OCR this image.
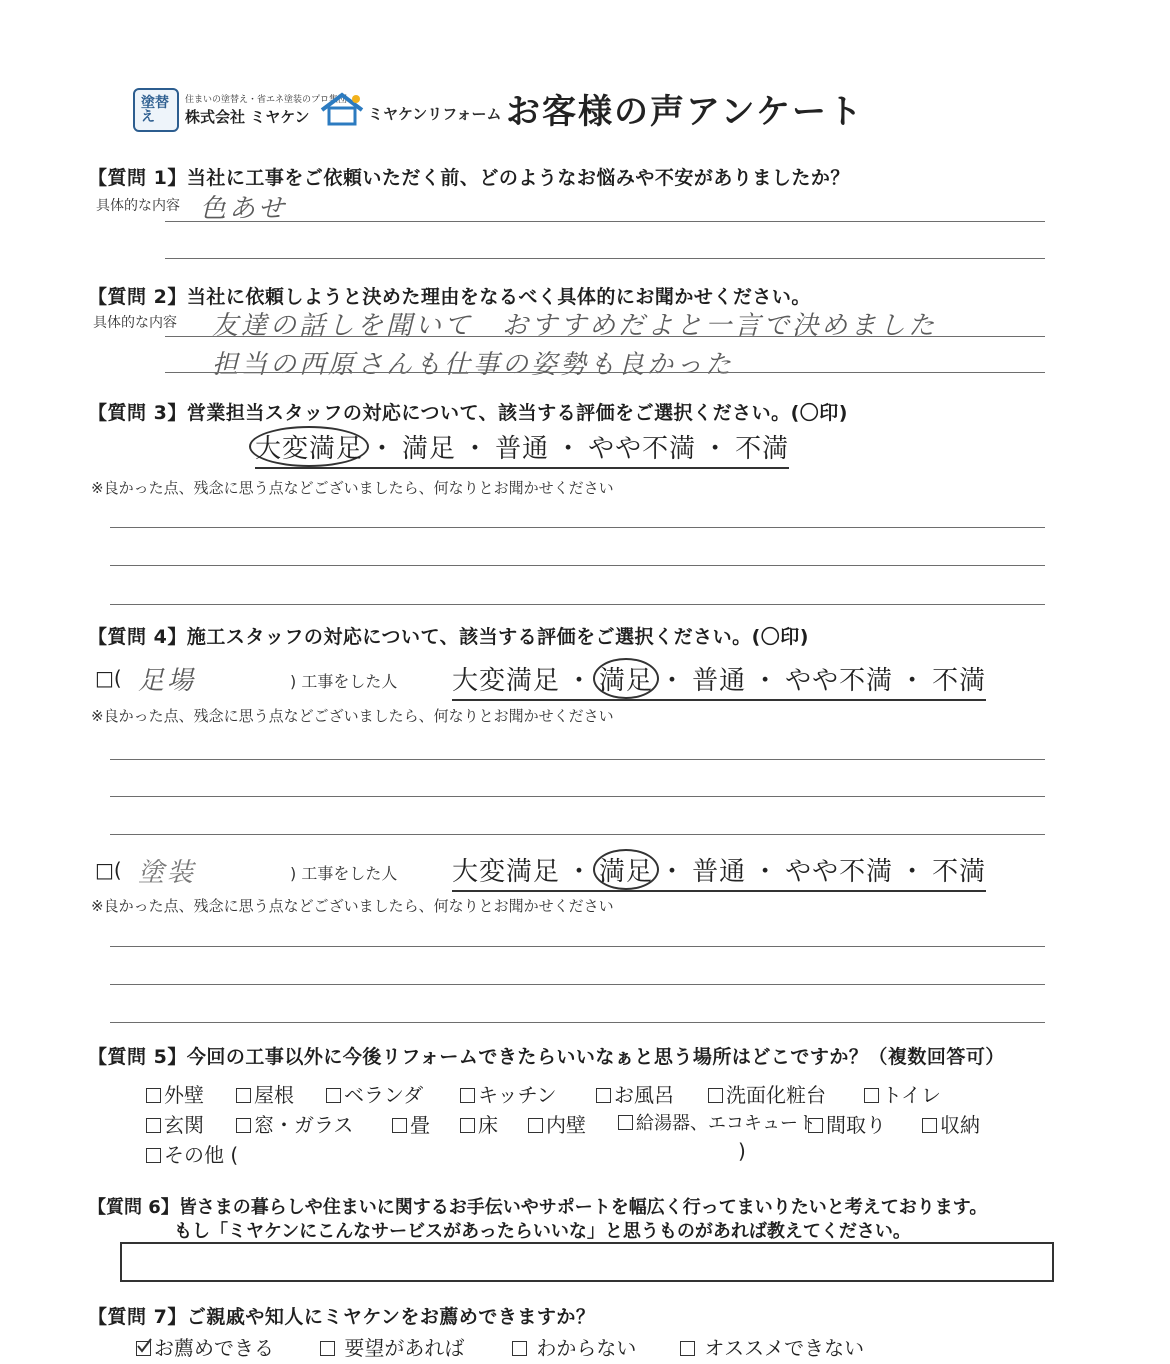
塗替え
住まいの塗替え・省エネ塗装のプロ集団
株式会社 ミヤケン	ミヤケンリフォーム お客様の声アンケート
【質問 1】当社に工事をご依頼いただく前、どのようなお悩みや不安がありましたか？
具体的な内容 色あせ
【質問 2】当社に依頼しようと決めた理由をなるべく具体的にお聞かせください。
具体的な内容 友達の話しを聞いて　おすすめだよと一言で決めました
担当の西原さんも仕事の姿勢も良かった
【質問 3】営業担当スタッフの対応について、該当する評価をご選択ください。(〇印)
大変満足 ・ 満足 ・ 普通 ・ やや不満 ・ 不満
※良かった点、残念に思う点などございましたら、何なりとお聞かせください
【質問 4】施工スタッフの対応について、該当する評価をご選択ください。(〇印)
□( 足場	) 工事をした人 大変満足 ・ 満足 ・ 普通 ・ やや不満 ・ 不満
※良かった点、残念に思う点などございましたら、何なりとお聞かせください
□( 塗装	) 工事をした人 大変満足 ・ 満足 ・ 普通 ・ やや不満 ・ 不満
※良かった点、残念に思う点などございましたら、何なりとお聞かせください
【質問 5】今回の工事以外に今後リフォームできたらいいなぁと思う場所はどこですか？（複数回答可）
外壁	屋根	ベランダ	キッチン	お風呂	洗面化粧台	トイレ
玄関	窓・ガラス	畳	床	内壁	給湯器、エコキュート 間取り	収納
その他 (	)
【質問 6】皆さまの暮らしや住まいに関するお手伝いやサポートを幅広く行ってまいりたいと考えております。
もし「ミヤケンにこんなサービスがあったらいいな」と思うものがあれば教えてください。
【質問 7】ご親戚や知人にミヤケンをお薦めできますか？
お薦めできる	要望があれば	わからない	オススメできない
